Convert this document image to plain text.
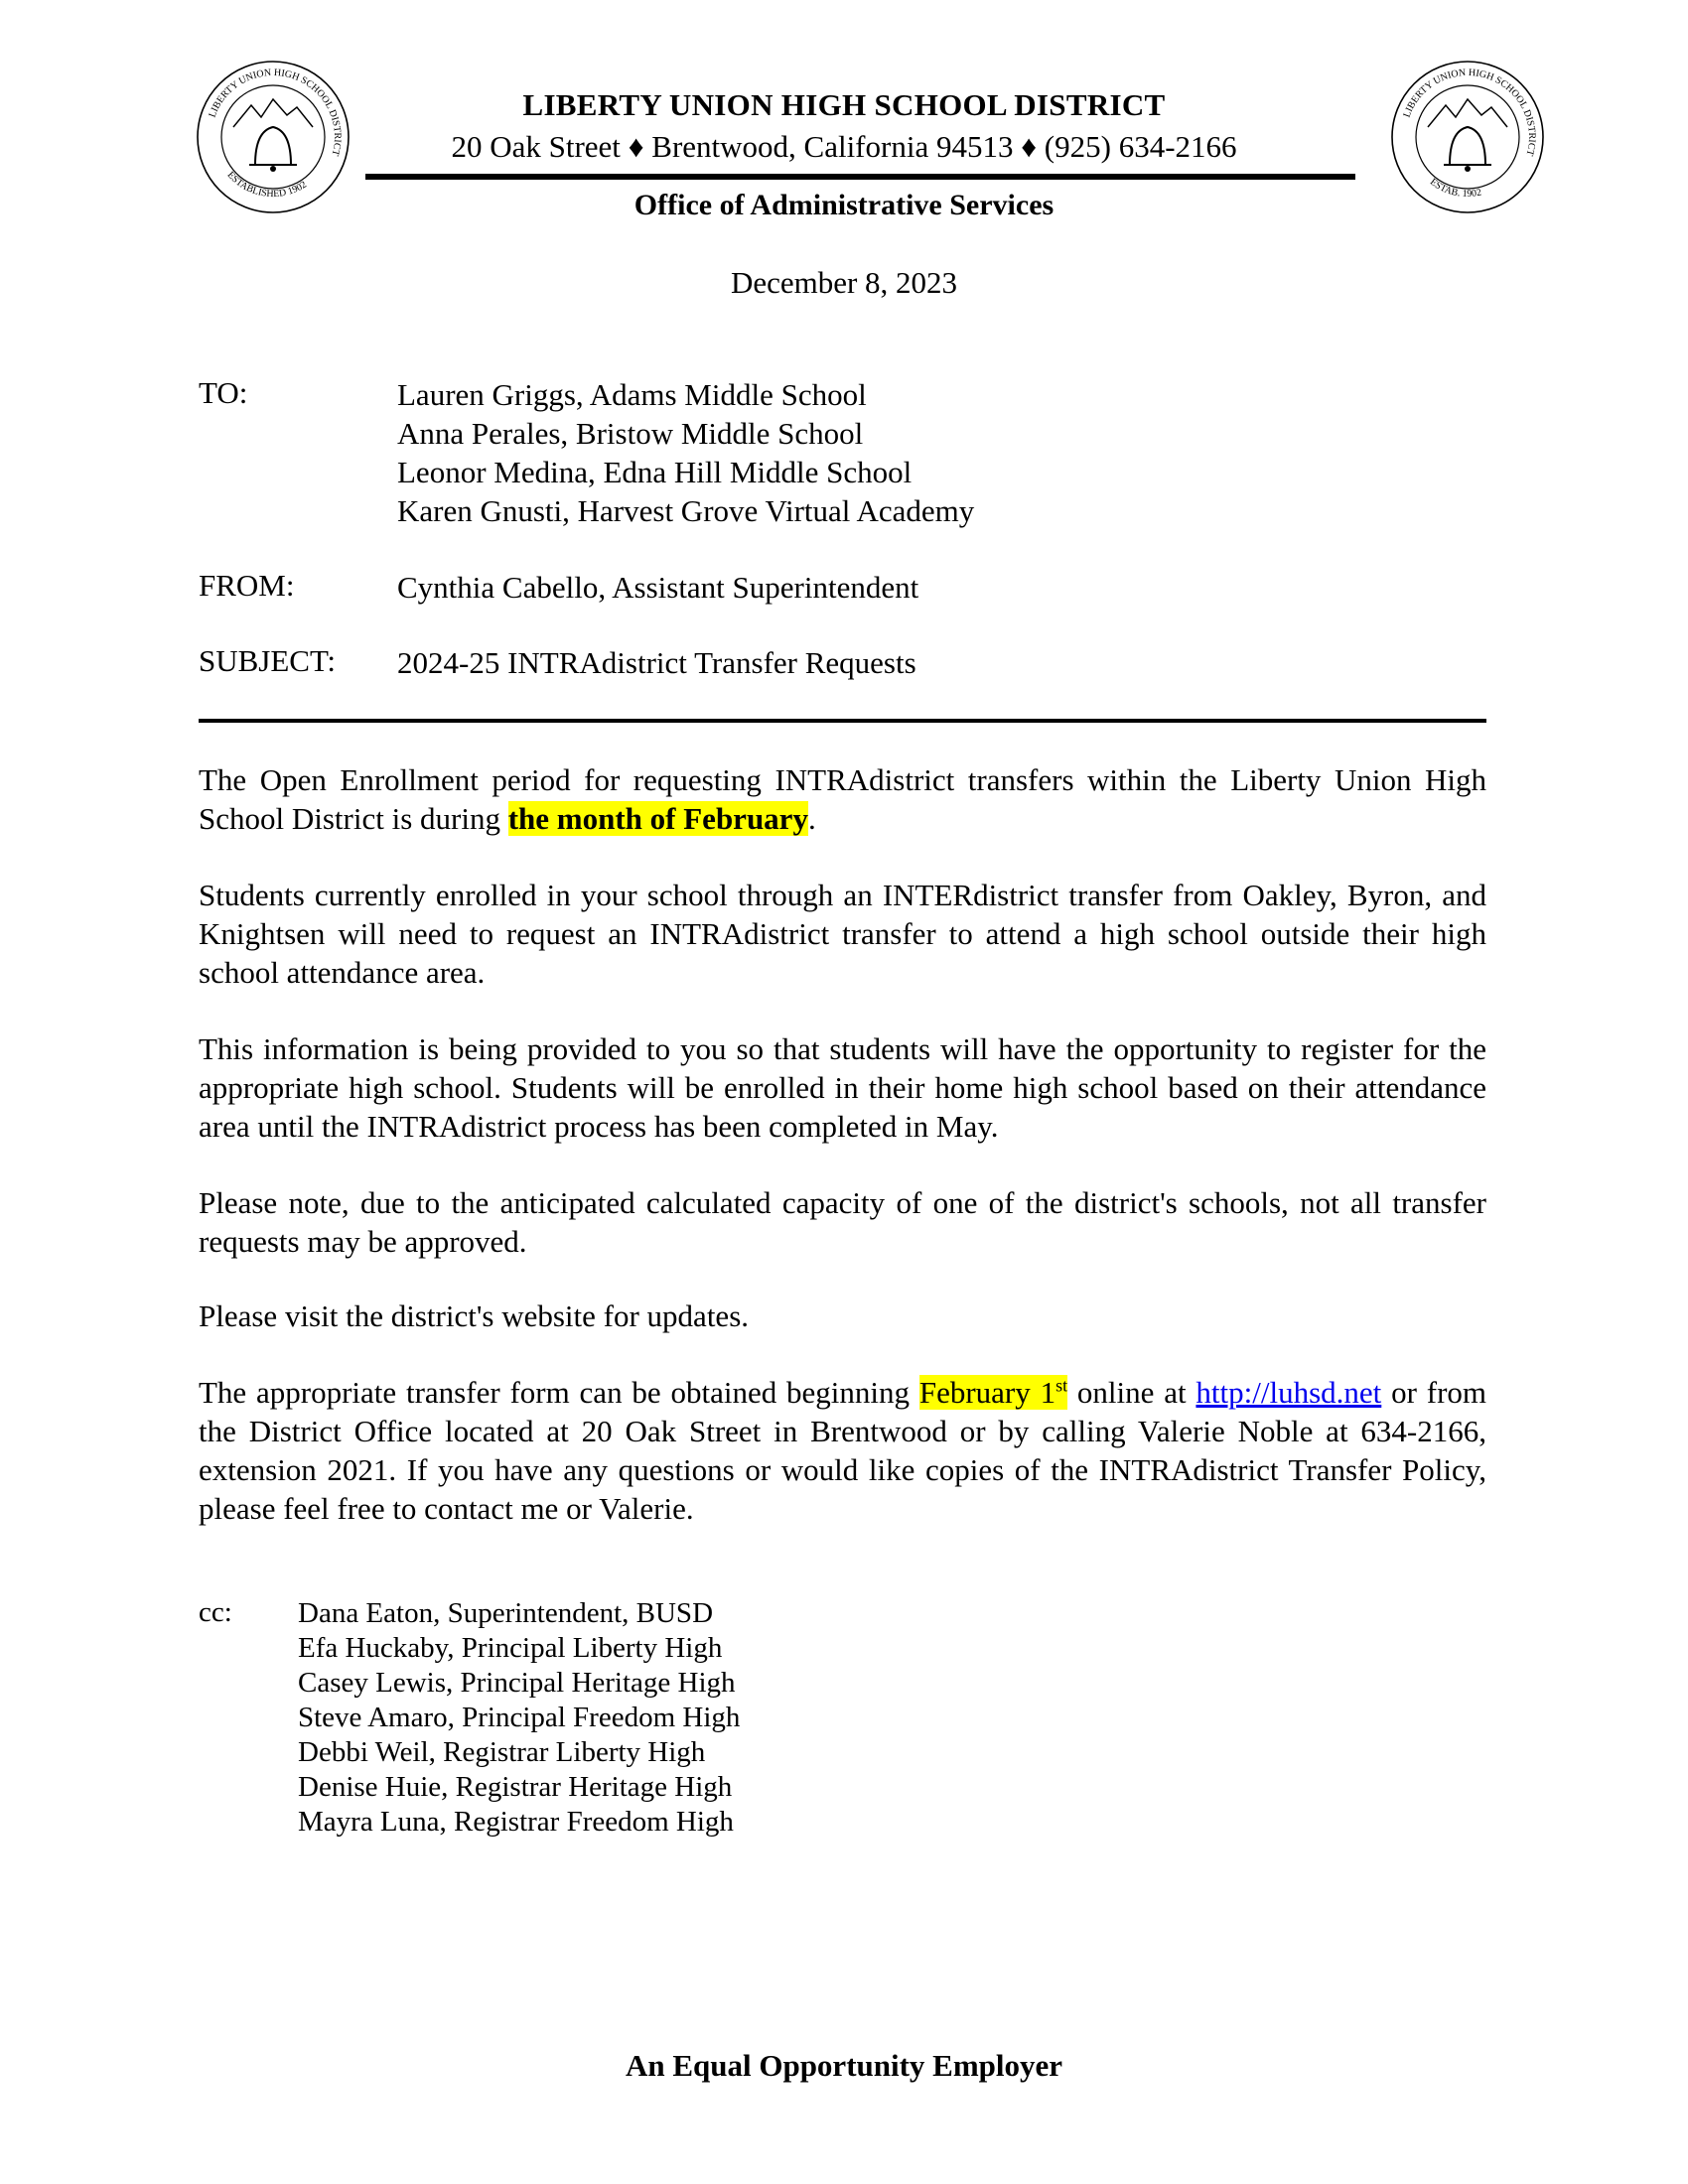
LIBERTY UNION HIGH SCHOOL DISTRICT
ESTABLISHED 1902
LIBERTY UNION HIGH SCHOOL DISTRICT
ESTAB. 1902
LIBERTY UNION HIGH SCHOOL DISTRICT
20 Oak Street ♦ Brentwood, California 94513 ♦ (925) 634-2166
Office of Administrative Services
December 8, 2023
TO:	Lauren Griggs, Adams Middle School
Anna Perales, Bristow Middle School
Leonor Medina, Edna Hill Middle School
Karen Gnusti, Harvest Grove Virtual Academy
FROM:	Cynthia Cabello, Assistant Superintendent
SUBJECT: 2024-25 INTRAdistrict Transfer Requests

The Open Enrollment period for requesting INTRAdistrict transfers within the Liberty Union High School District is during the month of February.

Students currently enrolled in your school through an INTERdistrict transfer from Oakley, Byron, and Knightsen will need to request an INTRAdistrict transfer to attend a high school outside their high school attendance area.

This information is being provided to you so that students will have the opportunity to register for the appropriate high school. Students will be enrolled in their home high school based on their attendance area until the INTRAdistrict process has been completed in May.

Please note, due to the anticipated calculated capacity of one of the district's schools, not all transfer requests may be approved.

Please visit the district's website for updates.

The appropriate transfer form can be obtained beginning February 1st online at http://luhsd.net or from the District Office located at 20 Oak Street in Brentwood or by calling Valerie Noble at 634-2166, extension 2021. If you have any questions or would like copies of the INTRAdistrict Transfer Policy, please feel free to contact me or Valerie.

cc: Dana Eaton, Superintendent, BUSD
Efa Huckaby, Principal Liberty High
Casey Lewis, Principal Heritage High
Steve Amaro, Principal Freedom High
Debbi Weil, Registrar Liberty High
Denise Huie, Registrar Heritage High
Mayra Luna, Registrar Freedom High
An Equal Opportunity Employer
